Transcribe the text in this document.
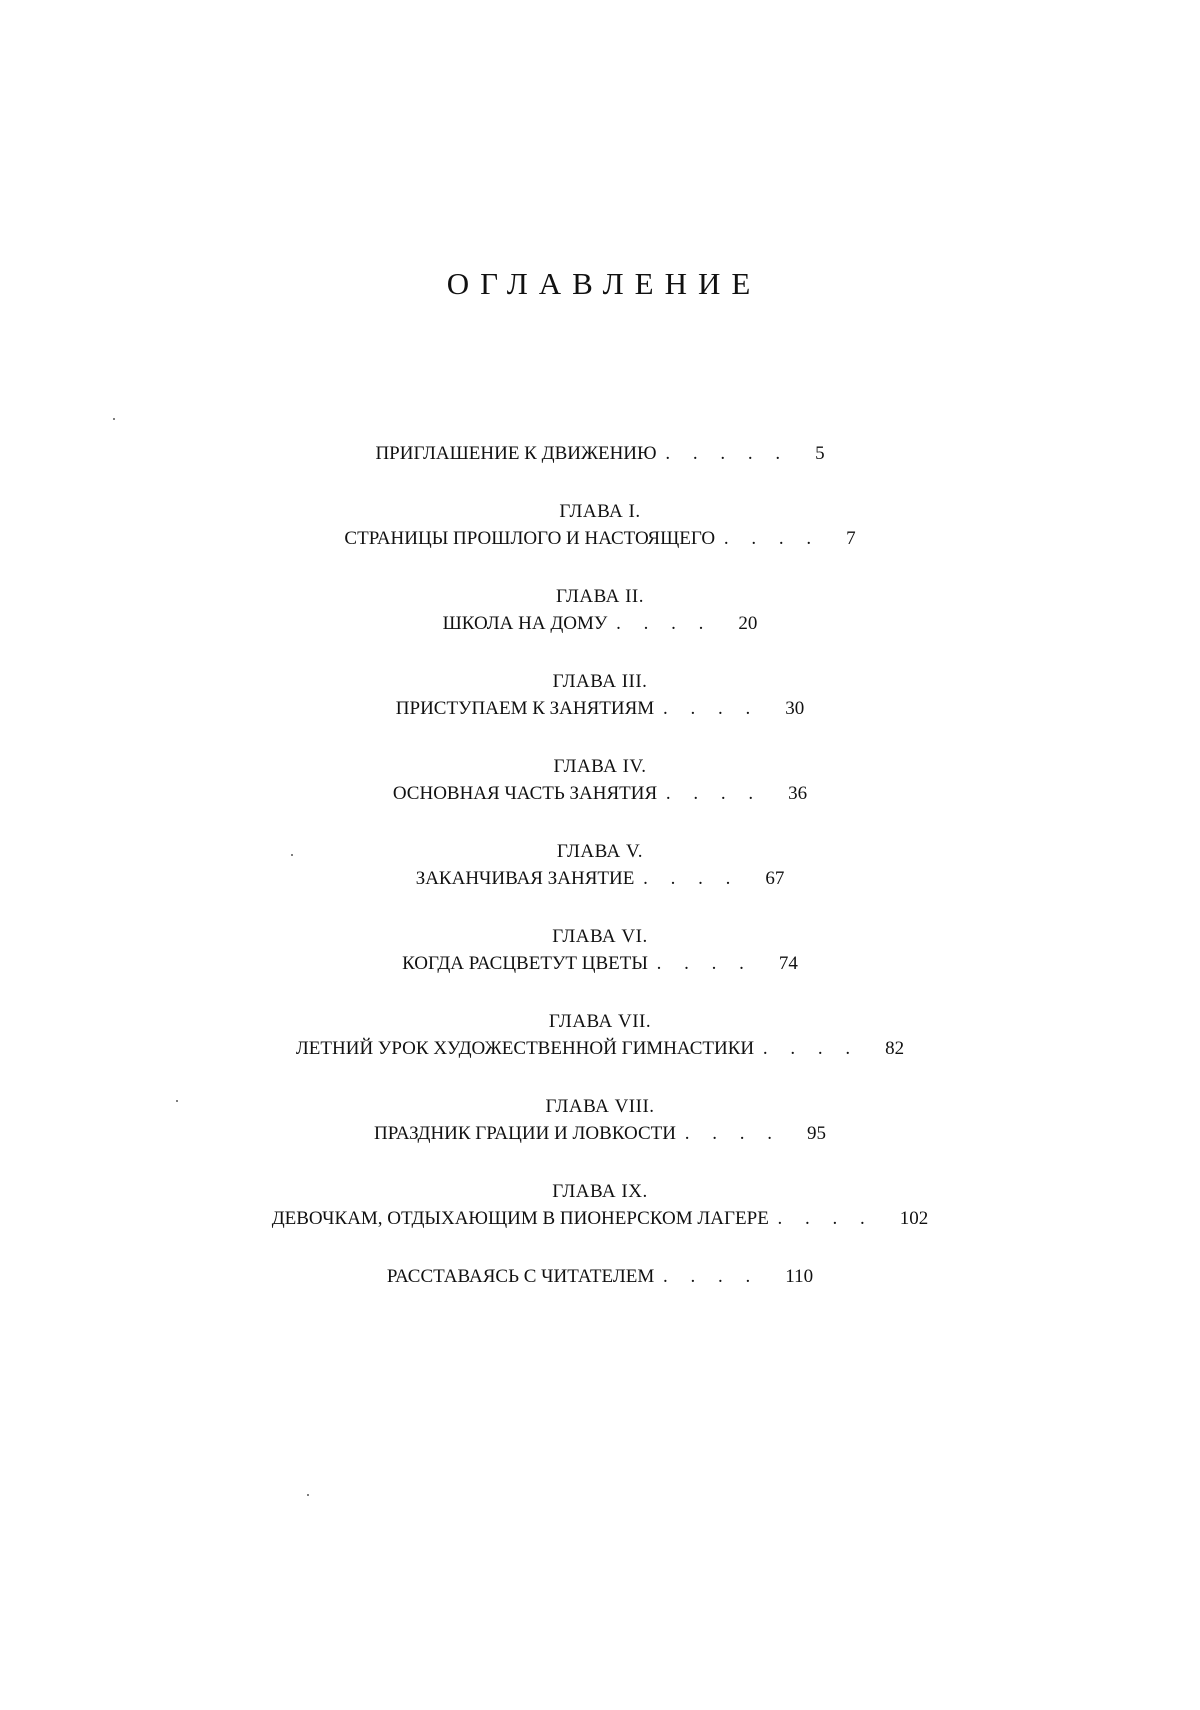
ОГЛАВЛЕНИЕ
ПРИГЛАШЕНИЕ К ДВИЖЕНИЮ . . . . . 5
ГЛАВА I.
СТРАНИЦЫ ПРОШЛОГО И НАСТОЯЩЕГО . . . . 7
ГЛАВА II.
ШКОЛА НА ДОМУ . . . . 20
ГЛАВА III.
ПРИСТУПАЕМ К ЗАНЯТИЯМ . . . . 30
ГЛАВА IV.
ОСНОВНАЯ ЧАСТЬ ЗАНЯТИЯ . . . . 36
ГЛАВА V.
ЗАКАНЧИВАЯ ЗАНЯТИЕ . . . . 67
ГЛАВА VI.
КОГДА РАСЦВЕТУТ ЦВЕТЫ . . . . 74
ГЛАВА VII.
ЛЕТНИЙ УРОК ХУДОЖЕСТВЕННОЙ ГИМНАСТИКИ . . . . 82
ГЛАВА VIII.
ПРАЗДНИК ГРАЦИИ И ЛОВКОСТИ . . . . 95
ГЛАВА IX.
ДЕВОЧКАМ, ОТДЫХАЮЩИМ В ПИОНЕРСКОМ ЛАГЕРЕ . . . . 102
РАССТАВАЯСЬ С ЧИТАТЕЛЕМ . . . . 110
